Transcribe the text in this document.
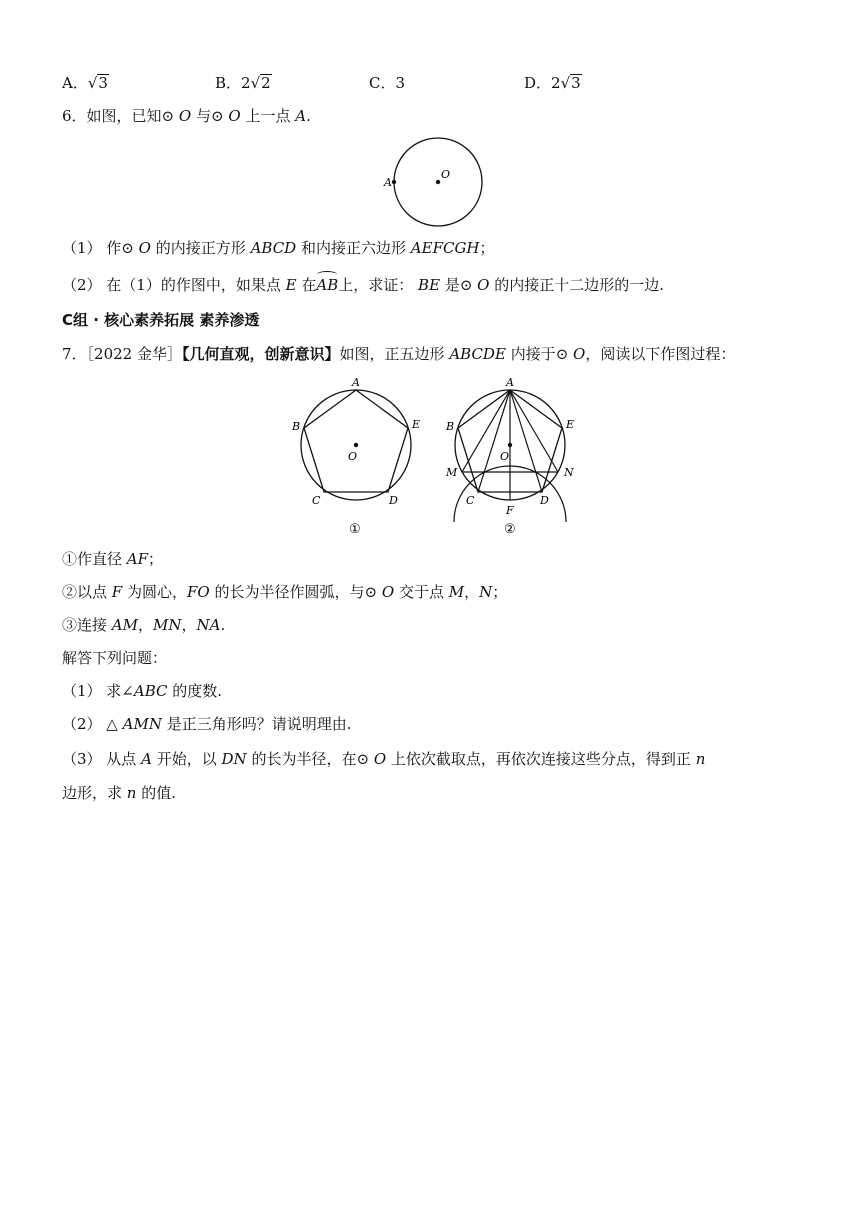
A．√3	B．2√2	C．3	D．2√3
6．如图，已知⊙ O 与⊙ O 上一点 A.
A
O
（1） 作⊙ O 的内接正方形 ABCD 和内接正六边形 AEFCGH；
（2） 在（1）的作图中，如果点 E 在AB上，求证： BE 是⊙ O 的内接正十二边形的一边.
C组 · 核心素养拓展 素养渗透
7．［2022 金华］【几何直观，创新意识】如图，正五边形 ABCDE 内接于⊙ O，阅读以下作图过程：
A
B
C	D
E
O
①
A
B
C	D
E
O
M	N
F
②
①作直径 AF；
②以点 F 为圆心，FO 的长为半径作圆弧，与⊙ O 交于点 M，N；
③连接 AM，MN，NA.
解答下列问题：
（1） 求∠ABC 的度数.
（2） △ AMN 是正三角形吗？请说明理由.
（3） 从点 A 开始，以 DN 的长为半径，在⊙ O 上依次截取点，再依次连接这些分点，得到正 n
边形，求 n 的值.
